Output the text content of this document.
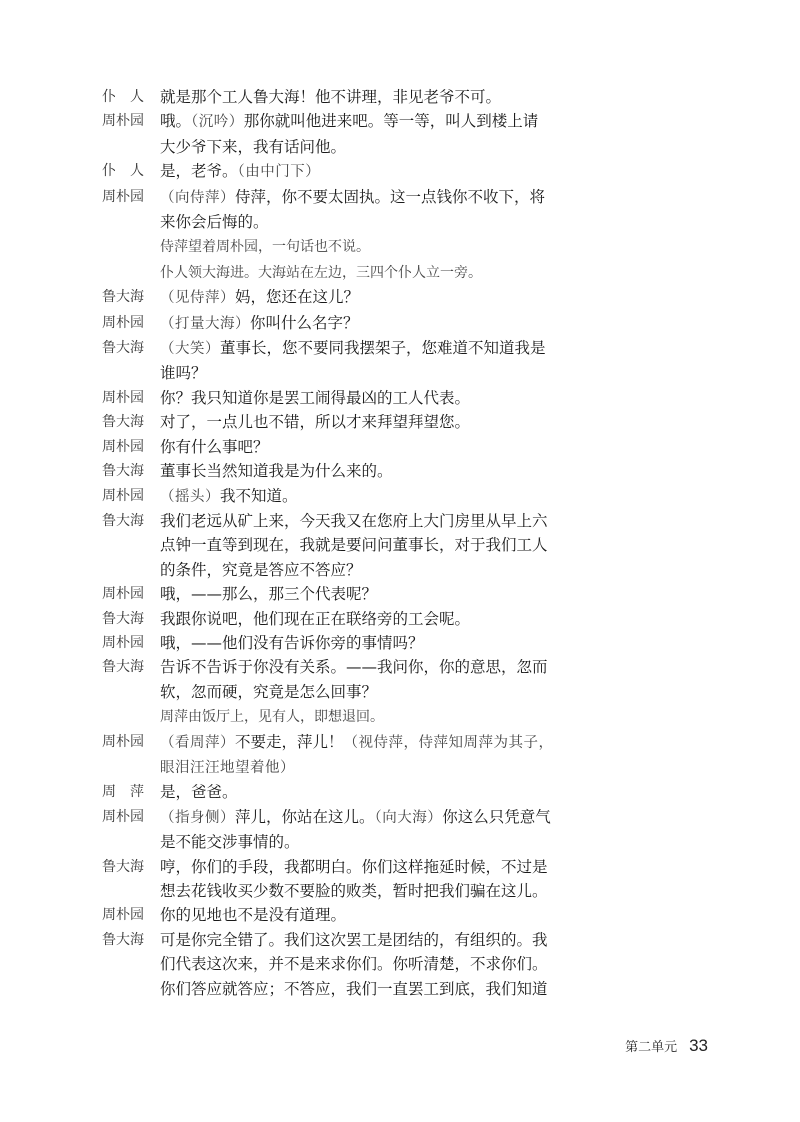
仆　人	就是那个工人鲁大海！他不讲理，非见老爷不可。
周朴园	哦。（沉吟）那你就叫他进来吧。等一等，叫人到楼上请
大少爷下来，我有话问他。
仆　人	是，老爷。（由中门下）
周朴园	（向侍萍）侍萍，你不要太固执。这一点钱你不收下，将
来你会后悔的。
侍萍望着周朴园，一句话也不说。
仆人领大海进。大海站在左边，三四个仆人立一旁。
鲁大海	（见侍萍）妈，您还在这儿？
周朴园	（打量大海）你叫什么名字？
鲁大海	（大笑）董事长，您不要同我摆架子，您难道不知道我是
谁吗？
周朴园	你？我只知道你是罢工闹得最凶的工人代表。
鲁大海	对了，一点儿也不错，所以才来拜望拜望您。
周朴园	你有什么事吧？
鲁大海	董事长当然知道我是为什么来的。
周朴园	（摇头）我不知道。
鲁大海	我们老远从矿上来，今天我又在您府上大门房里从早上六
点钟一直等到现在，我就是要问问董事长，对于我们工人
的条件，究竟是答应不答应？
周朴园	哦，——那么，那三个代表呢？
鲁大海	我跟你说吧，他们现在正在联络旁的工会呢。
周朴园	哦，——他们没有告诉你旁的事情吗？
鲁大海	告诉不告诉于你没有关系。——我问你，你的意思，忽而
软，忽而硬，究竟是怎么回事？
周萍由饭厅上，见有人，即想退回。
周朴园	（看周萍）不要走，萍儿！（视侍萍，侍萍知周萍为其子，
眼泪汪汪地望着他）
周　萍	是，爸爸。
周朴园	（指身侧）萍儿，你站在这儿。（向大海）你这么只凭意气
是不能交涉事情的。
鲁大海	哼，你们的手段，我都明白。你们这样拖延时候，不过是
想去花钱收买少数不要脸的败类，暂时把我们骗在这儿。
周朴园	你的见地也不是没有道理。
鲁大海	可是你完全错了。我们这次罢工是团结的，有组织的。我
们代表这次来，并不是来求你们。你听清楚，不求你们。
你们答应就答应；不答应，我们一直罢工到底，我们知道
第二单元 33
